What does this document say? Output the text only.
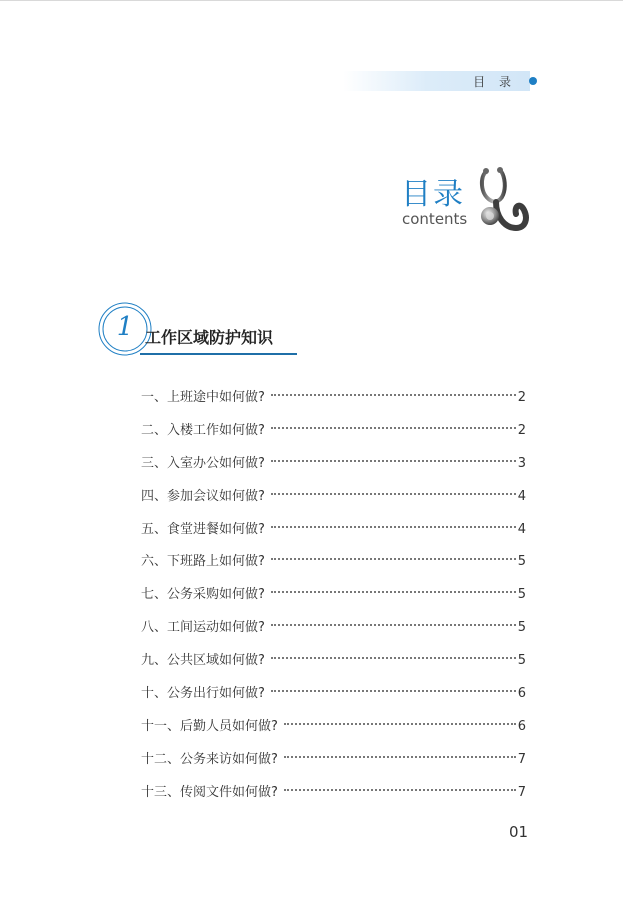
目 录
目录
contents
1 工作区域防护知识
一、上班途中如何做?	2
二、入楼工作如何做?	2
三、入室办公如何做?	3
四、参加会议如何做?	4
五、食堂进餐如何做?	4
六、下班路上如何做?	5
七、公务采购如何做?	5
八、工间运动如何做?	5
九、公共区域如何做?	5
十、公务出行如何做?	6
十一、后勤人员如何做?	6
十二、公务来访如何做?	7
十三、传阅文件如何做?	7
01
